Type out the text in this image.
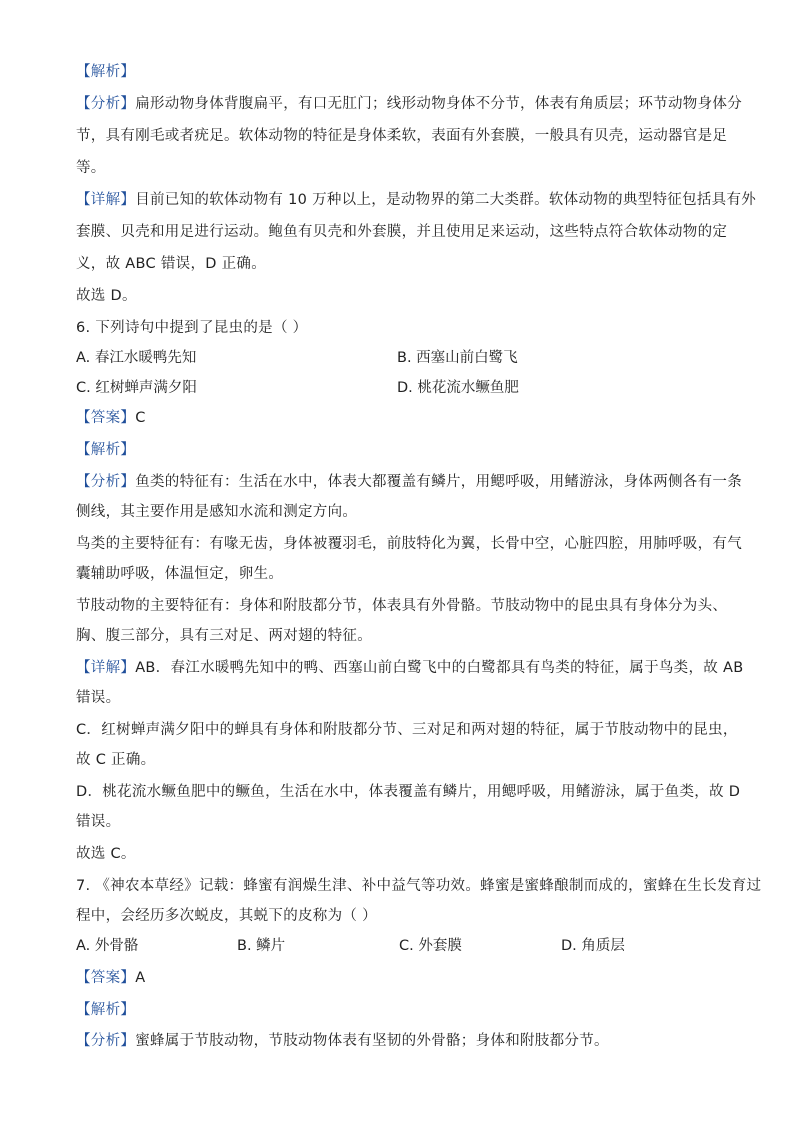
【解析】
【分析】扁形动物身体背腹扁平，有口无肛门；线形动物身体不分节，体表有角质层；环节动物身体分
节，具有刚毛或者疣足。软体动物的特征是身体柔软，表面有外套膜，一般具有贝壳，运动器官是足
等。
【详解】目前已知的软体动物有 10 万种以上，是动物界的第二大类群。软体动物的典型特征包括具有外
套膜、贝壳和用足进行运动。鲍鱼有贝壳和外套膜，并且使用足来运动，这些特点符合软体动物的定
义，故 ABC 错误，D 正确。
故选 D。
6. 下列诗句中提到了昆虫的是（ ）
A. 春江水暖鸭先知	B. 西塞山前白鹭飞
C. 红树蝉声满夕阳	D. 桃花流水鳜鱼肥
【答案】C
【解析】
【分析】鱼类的特征有：生活在水中，体表大都覆盖有鳞片，用鳃呼吸，用鳍游泳，身体两侧各有一条
侧线，其主要作用是感知水流和测定方向。
鸟类的主要特征有：有喙无齿，身体被覆羽毛，前肢特化为翼，长骨中空，心脏四腔，用肺呼吸，有气
囊辅助呼吸，体温恒定，卵生。
节肢动物的主要特征有：身体和附肢都分节，体表具有外骨骼。节肢动物中的昆虫具有身体分为头、
胸、腹三部分，具有三对足、两对翅的特征。
【详解】AB．春江水暖鸭先知中的鸭、西塞山前白鹭飞中的白鹭都具有鸟类的特征，属于鸟类，故 AB
错误。
C．红树蝉声满夕阳中的蝉具有身体和附肢都分节、三对足和两对翅的特征，属于节肢动物中的昆虫，
故 C 正确。
D．桃花流水鳜鱼肥中的鳜鱼，生活在水中，体表覆盖有鳞片，用鳃呼吸，用鳍游泳，属于鱼类，故 D
错误。
故选 C。
7. 《神农本草经》记载：蜂蜜有润燥生津、补中益气等功效。蜂蜜是蜜蜂酿制而成的，蜜蜂在生长发育过
程中，会经历多次蜕皮，其蜕下的皮称为（ ）
A. 外骨骼	B. 鳞片	C. 外套膜	D. 角质层
【答案】A
【解析】
【分析】蜜蜂属于节肢动物，节肢动物体表有坚韧的外骨骼；身体和附肢都分节。
